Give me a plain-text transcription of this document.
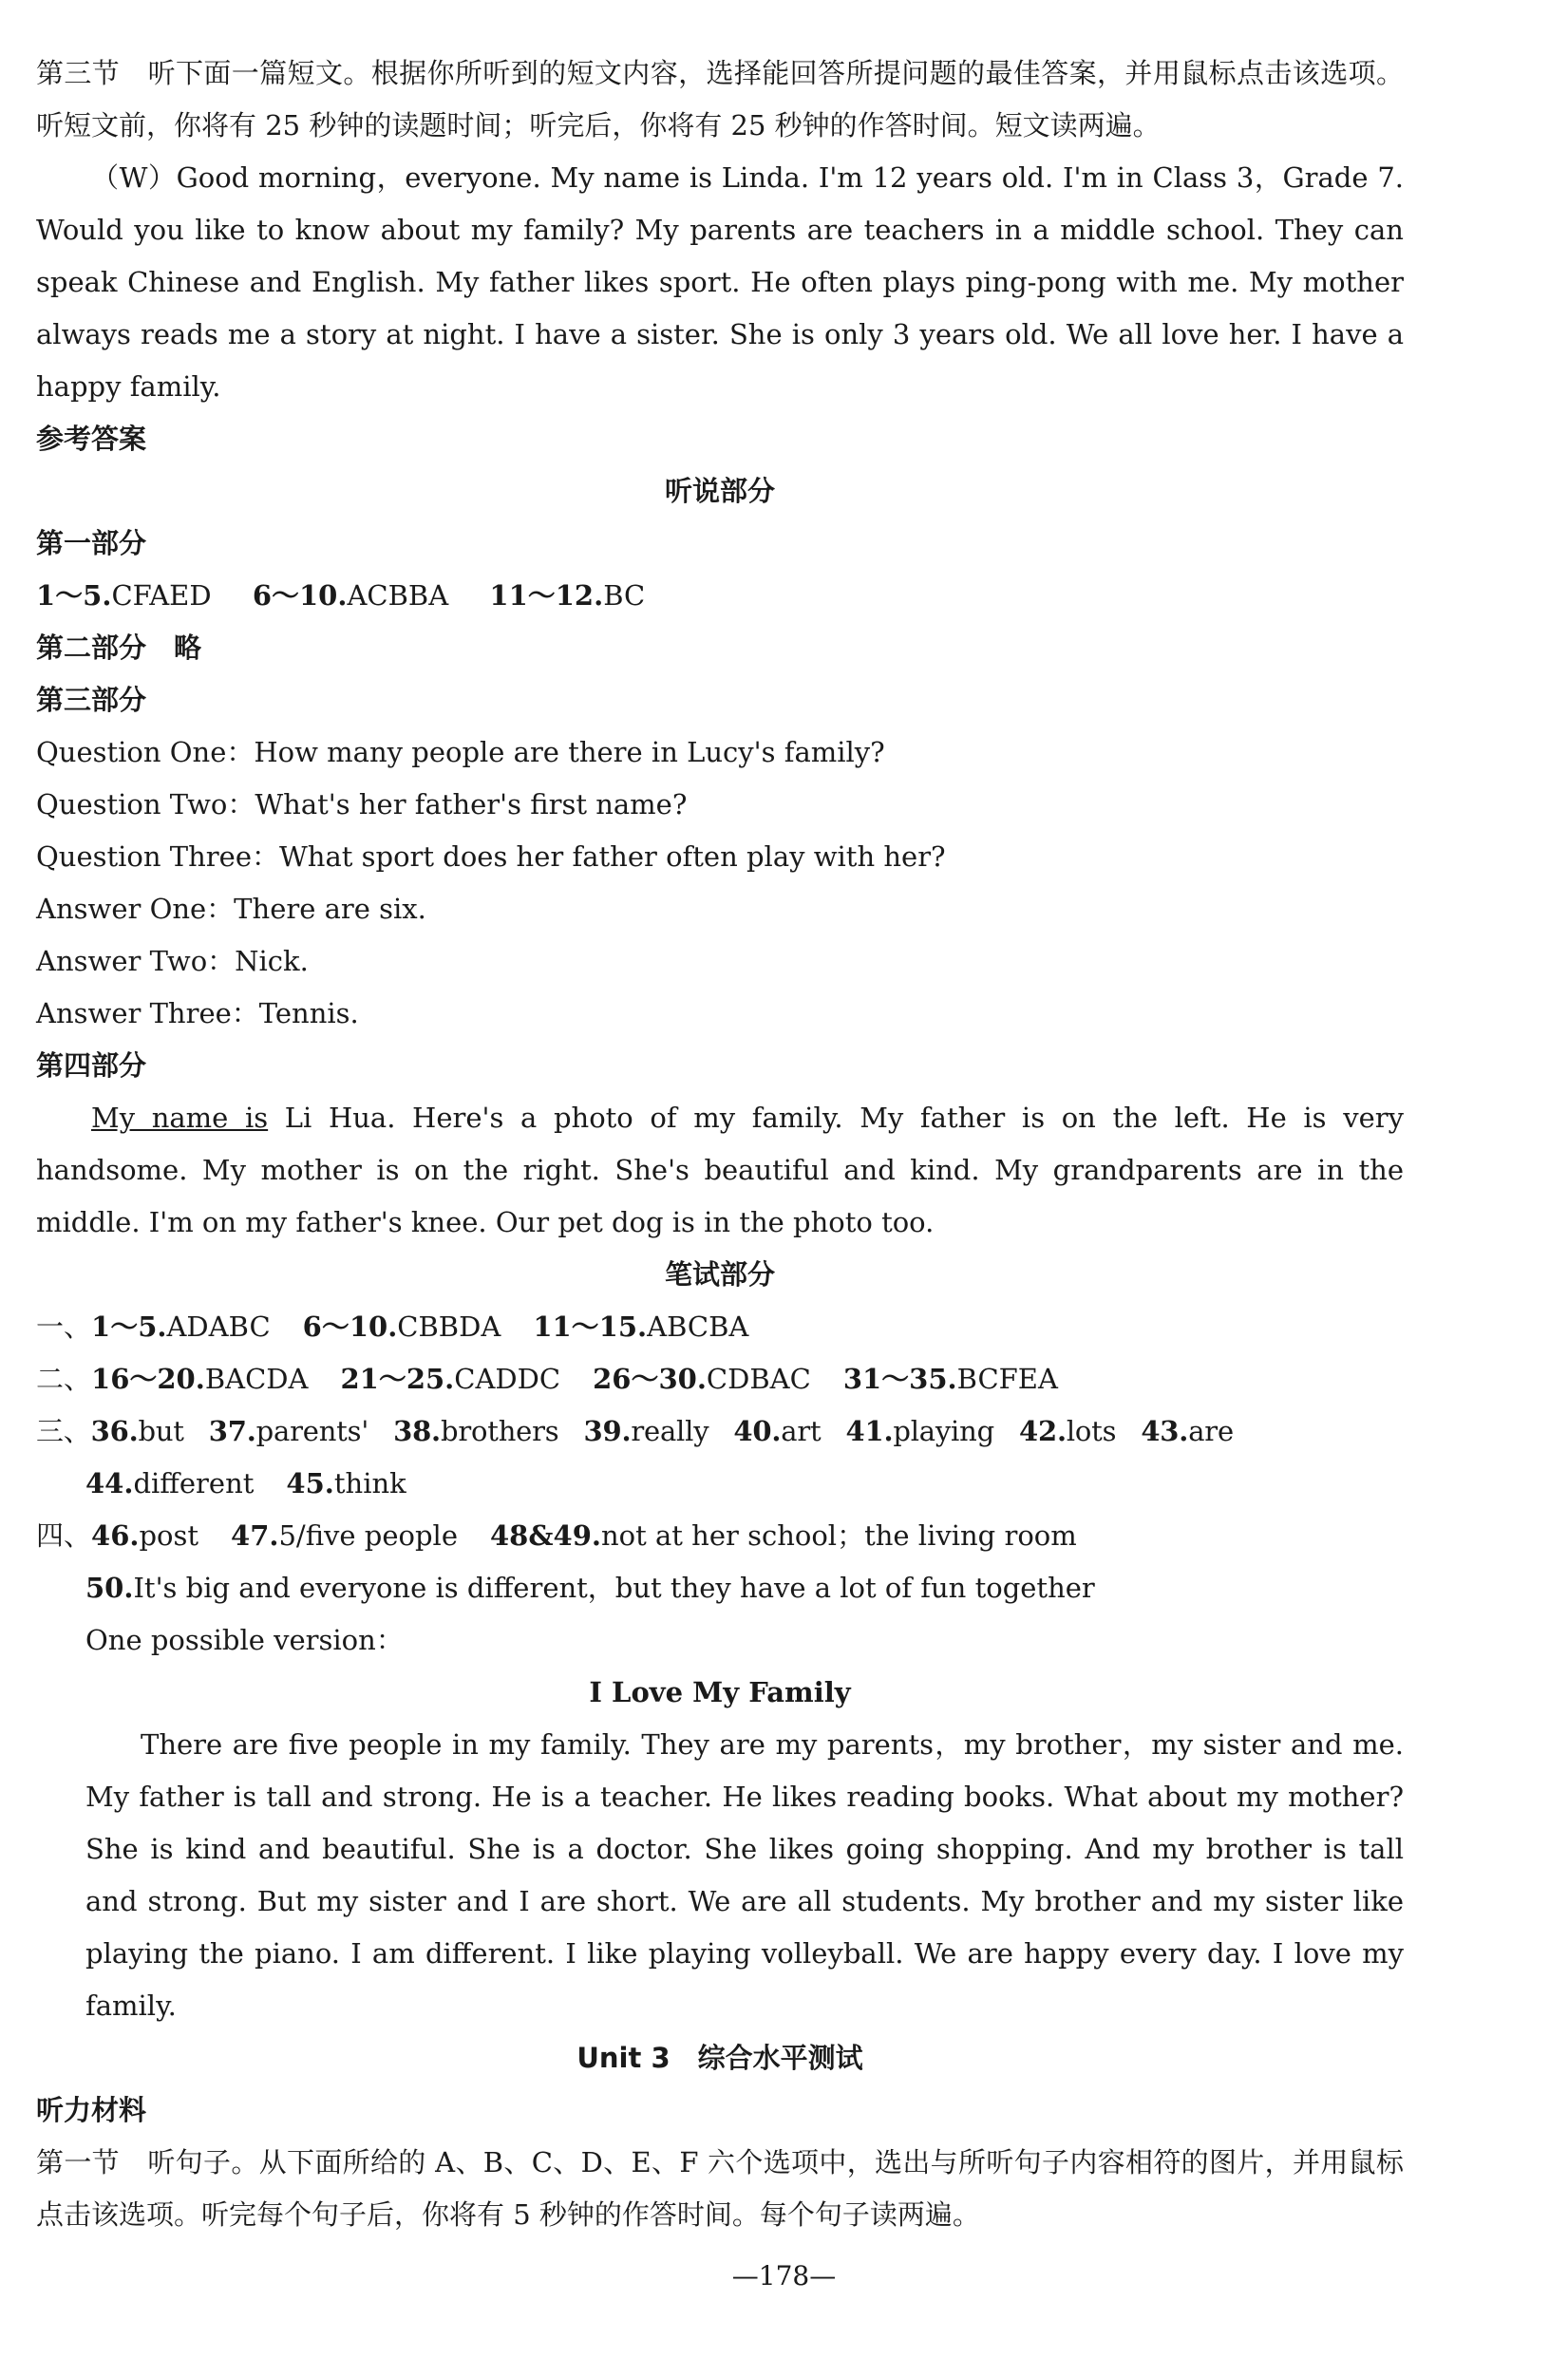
第三节　听下面一篇短文。根据你所听到的短文内容，选择能回答所提问题的最佳答案，并用鼠标点击该选项。听短文前，你将有 25 秒钟的读题时间；听完后，你将有 25 秒钟的作答时间。短文读两遍。

（W）Good morning，everyone. My name is Linda. I'm 12 years old. I'm in Class 3，Grade 7. Would you like to know about my family? My parents are teachers in a middle school. They can speak Chinese and English. My father likes sport. He often plays ping-pong with me. My mother always reads me a story at night. I have a sister. She is only 3 years old. We all love her. I have a happy family.

参考答案

听说部分

第一部分

1～5.CFAED 6～10.ACBBA 11～12.BC

第二部分　略

第三部分

Question One：How many people are there in Lucy's family?

Question Two：What's her father's first name?

Question Three：What sport does her father often play with her?

Answer One：There are six.

Answer Two：Nick.

Answer Three：Tennis.

第四部分

My name is Li Hua. Here's a photo of my family. My father is on the left. He is very handsome. My mother is on the right. She's beautiful and kind. My grandparents are in the middle. I'm on my father's knee. Our pet dog is in the photo too.

笔试部分

一、1～5.ADABC 6～10.CBBDA 11～15.ABCBA

二、16～20.BACDA 21～25.CADDC 26～30.CDBAC 31～35.BCFEA

三、36.but 37.parents' 38.brothers 39.really 40.art 41.playing 42.lots 43.are

44.different 45.think

四、46.post 47.5/five people 48&49.not at her school；the living room

50.It's big and everyone is different，but they have a lot of fun together

One possible version：

I Love My Family

There are five people in my family. They are my parents，my brother，my sister and me. My father is tall and strong. He is a teacher. He likes reading books. What about my mother? She is kind and beautiful. She is a doctor. She likes going shopping. And my brother is tall and strong. But my sister and I are short. We are all students. My brother and my sister like playing the piano. I am different. I like playing volleyball. We are happy every day. I love my family.

Unit 3　综合水平测试

听力材料

第一节　听句子。从下面所给的 A、B、C、D、E、F 六个选项中，选出与所听句子内容相符的图片，并用鼠标点击该选项。听完每个句子后，你将有 5 秒钟的作答时间。每个句子读两遍。

—178—
